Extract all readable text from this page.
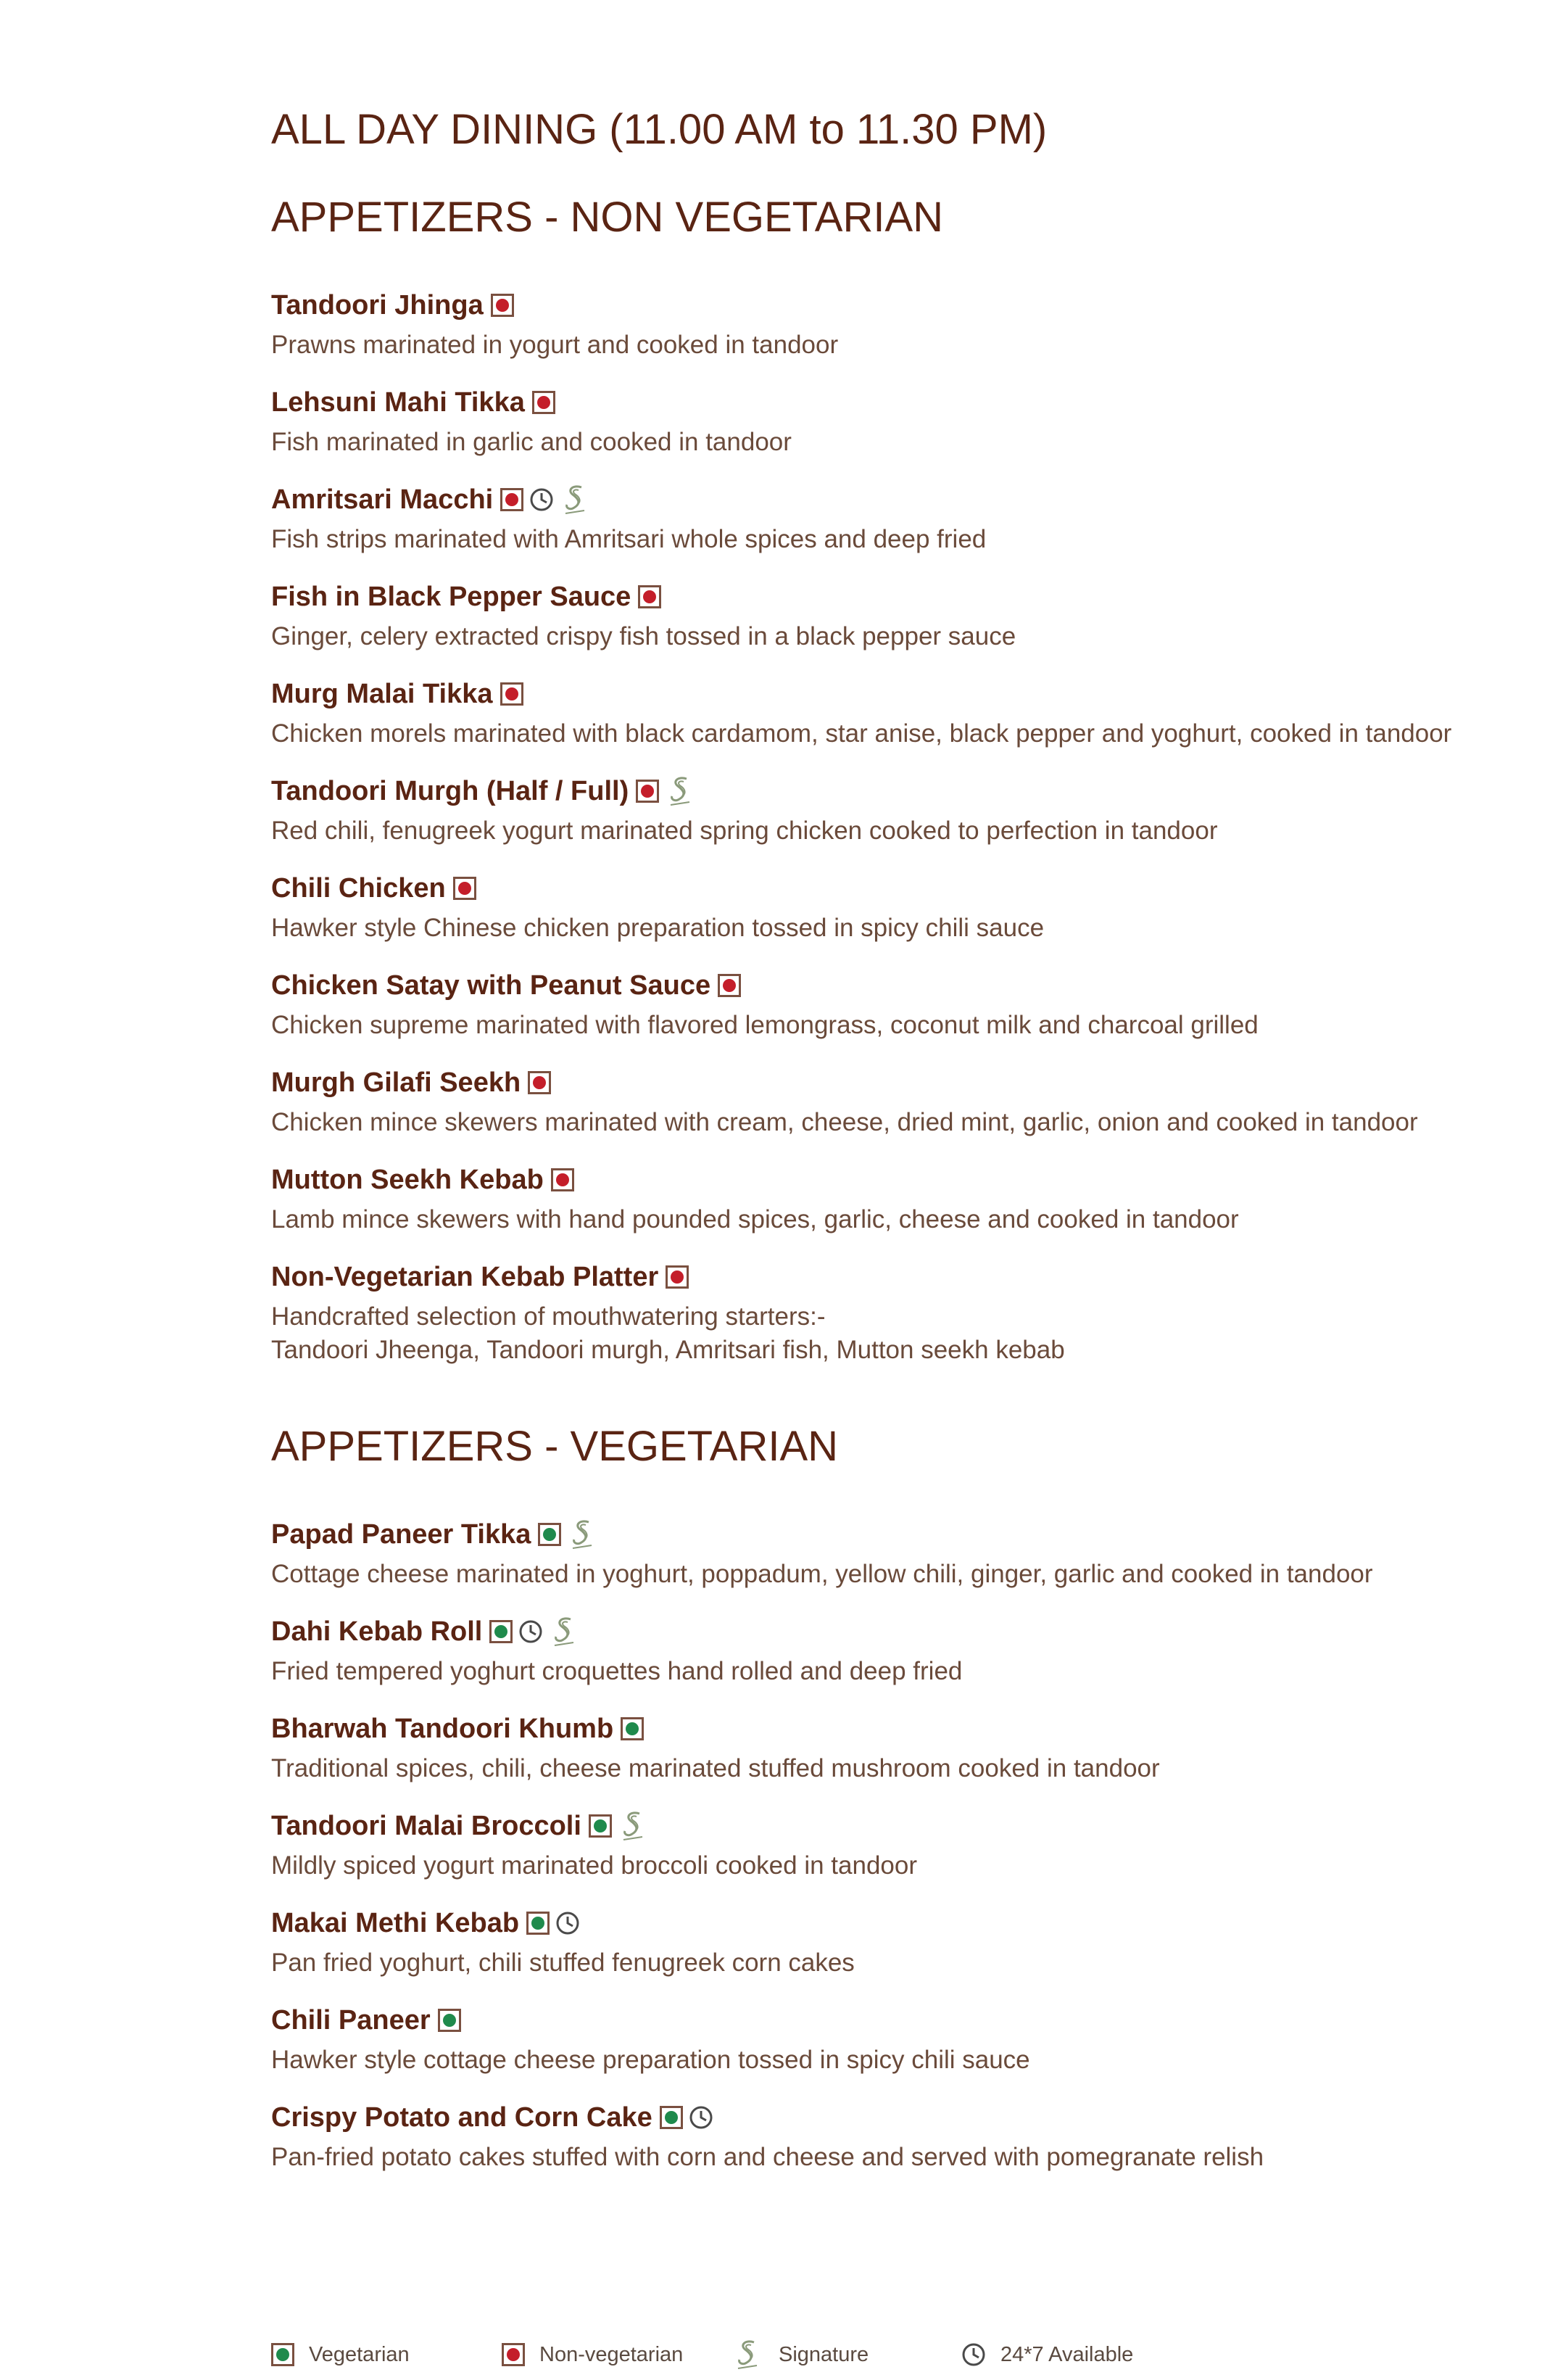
ALL DAY DINING (11.00 AM to 11.30 PM)
APPETIZERS - NON VEGETARIAN
Tandoori Jhinga
Prawns marinated in yogurt and cooked in tandoor
Lehsuni Mahi Tikka
Fish marinated in garlic and cooked in tandoor
Amritsari Macchi
Fish strips marinated with Amritsari whole spices and deep fried
Fish in Black Pepper Sauce
Ginger, celery extracted crispy fish tossed in a black pepper sauce
Murg Malai Tikka
Chicken morels marinated with black cardamom, star anise, black pepper and yoghurt, cooked in tandoor
Tandoori Murgh (Half / Full)
Red chili, fenugreek yogurt marinated spring chicken cooked to perfection in tandoor
Chili Chicken
Hawker style Chinese chicken preparation tossed in spicy chili sauce
Chicken Satay with Peanut Sauce
Chicken supreme marinated with flavored lemongrass, coconut milk and charcoal grilled
Murgh Gilafi Seekh
Chicken mince skewers marinated with cream, cheese, dried mint, garlic, onion and cooked in tandoor
Mutton Seekh Kebab
Lamb mince skewers with hand pounded spices, garlic, cheese and cooked in tandoor
Non-Vegetarian Kebab Platter
Handcrafted selection of mouthwatering starters:-
Tandoori Jheenga, Tandoori murgh, Amritsari fish, Mutton seekh kebab
APPETIZERS - VEGETARIAN
Papad Paneer Tikka
Cottage cheese marinated in yoghurt, poppadum, yellow chili, ginger, garlic and cooked in tandoor
Dahi Kebab Roll
Fried tempered yoghurt croquettes hand rolled and deep fried
Bharwah Tandoori Khumb
Traditional spices, chili, cheese marinated stuffed mushroom cooked in tandoor
Tandoori Malai Broccoli
Mildly spiced yogurt marinated broccoli cooked in tandoor
Makai Methi Kebab
Pan fried yoghurt, chili stuffed fenugreek corn cakes
Chili Paneer
Hawker style cottage cheese preparation tossed in spicy chili sauce
Crispy Potato and Corn Cake
Pan-fried potato cakes stuffed with corn and cheese and served with pomegranate relish
Vegetarian	Non-vegetarian	Signature	24*7 Available
